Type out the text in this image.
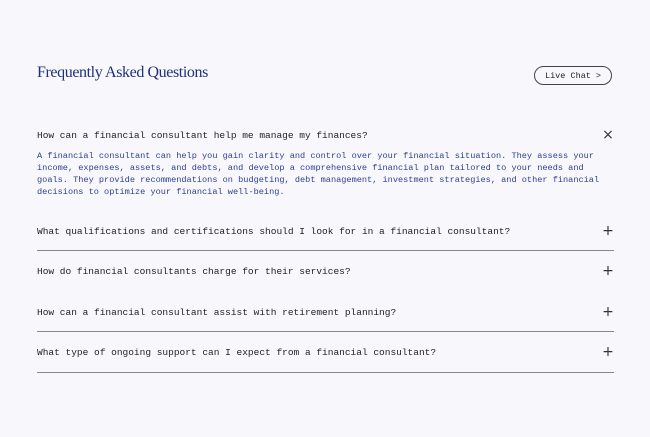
Frequently Asked Questions	Live Chat >
How can a financial consultant help me manage my finances?	×
A financial consultant can help you gain clarity and control over your financial situation. They assess your income, expenses, assets, and debts, and develop a comprehensive financial plan tailored to your needs and goals. They provide recommendations on budgeting, debt management, investment strategies, and other financial decisions to optimize your financial well-being.
What qualifications and certifications should I look for in a financial consultant?	+
How do financial consultants charge for their services?	+
How can a financial consultant assist with retirement planning?	+
What type of ongoing support can I expect from a financial consultant?	+
